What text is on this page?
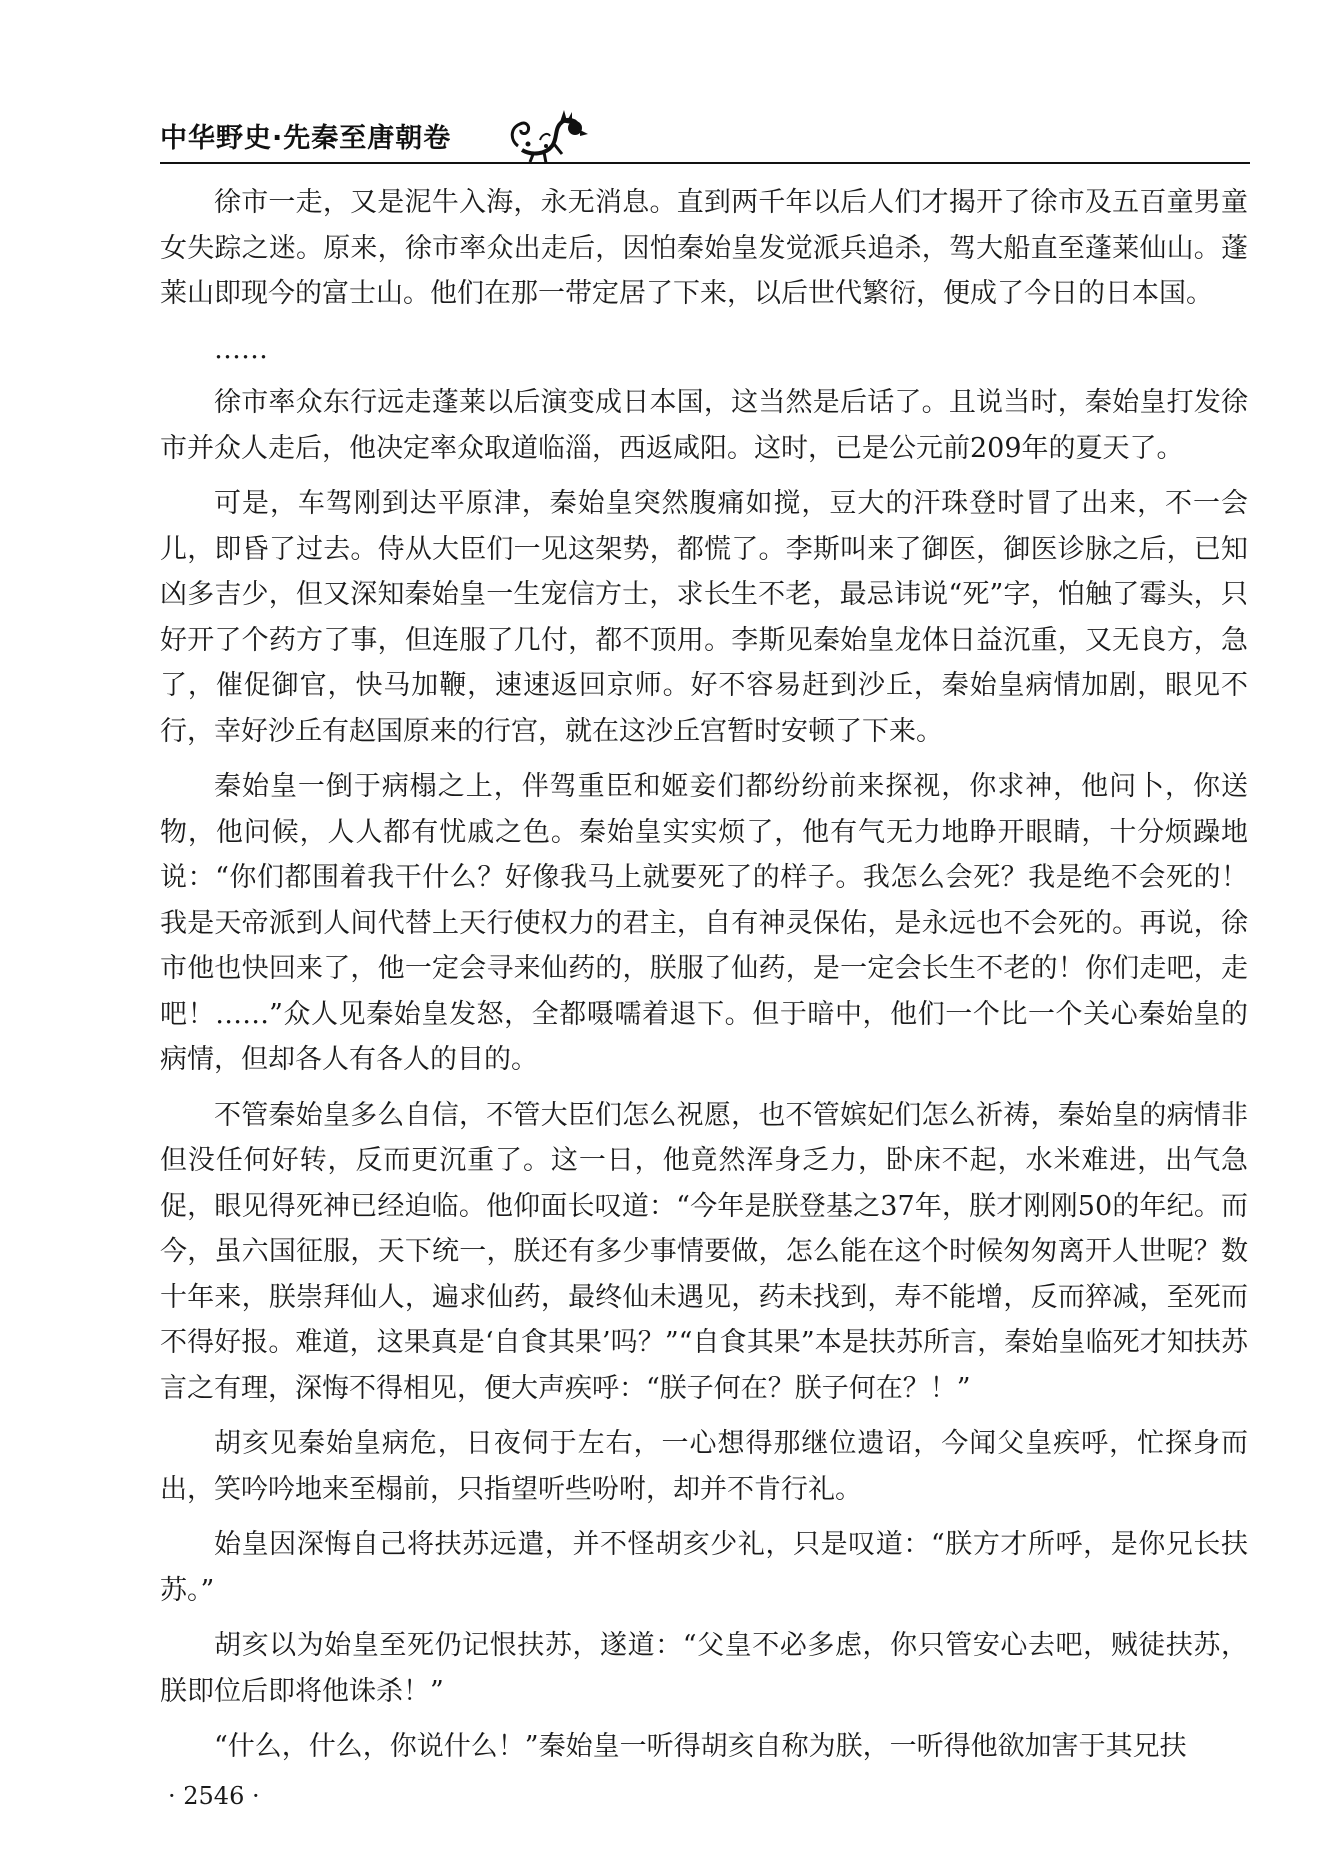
中华野史·先秦至唐朝卷

徐市一走，又是泥牛入海，永无消息。直到两千年以后人们才揭开了徐市及五百童男童女失踪之迷。原来，徐市率众出走后，因怕秦始皇发觉派兵追杀，驾大船直至蓬莱仙山。蓬莱山即现今的富士山。他们在那一带定居了下来，以后世代繁衍，便成了今日的日本国。

……

徐市率众东行远走蓬莱以后演变成日本国，这当然是后话了。且说当时，秦始皇打发徐市并众人走后，他决定率众取道临淄，西返咸阳。这时，已是公元前209年的夏天了。

可是，车驾刚到达平原津，秦始皇突然腹痛如搅，豆大的汗珠登时冒了出来，不一会儿，即昏了过去。侍从大臣们一见这架势，都慌了。李斯叫来了御医，御医诊脉之后，已知凶多吉少，但又深知秦始皇一生宠信方士，求长生不老，最忌讳说“死”字，怕触了霉头，只好开了个药方了事，但连服了几付，都不顶用。李斯见秦始皇龙体日益沉重，又无良方，急了，催促御官，快马加鞭，速速返回京师。好不容易赶到沙丘，秦始皇病情加剧，眼见不行，幸好沙丘有赵国原来的行宫，就在这沙丘宫暂时安顿了下来。

秦始皇一倒于病榻之上，伴驾重臣和姬妾们都纷纷前来探视，你求神，他问卜，你送物，他问候，人人都有忧戚之色。秦始皇实实烦了，他有气无力地睁开眼睛，十分烦躁地说：“你们都围着我干什么？好像我马上就要死了的样子。我怎么会死？我是绝不会死的！我是天帝派到人间代替上天行使权力的君主，自有神灵保佑，是永远也不会死的。再说，徐市他也快回来了，他一定会寻来仙药的，朕服了仙药，是一定会长生不老的！你们走吧，走吧！……”众人见秦始皇发怒，全都嗫嚅着退下。但于暗中，他们一个比一个关心秦始皇的病情，但却各人有各人的目的。

不管秦始皇多么自信，不管大臣们怎么祝愿，也不管嫔妃们怎么祈祷，秦始皇的病情非但没任何好转，反而更沉重了。这一日，他竟然浑身乏力，卧床不起，水米难进，出气急促，眼见得死神已经迫临。他仰面长叹道：“今年是朕登基之37年，朕才刚刚50的年纪。而今，虽六国征服，天下统一，朕还有多少事情要做，怎么能在这个时候匆匆离开人世呢？数十年来，朕崇拜仙人，遍求仙药，最终仙未遇见，药未找到，寿不能增，反而猝减，至死而不得好报。难道，这果真是‘自食其果’吗？”“自食其果”本是扶苏所言，秦始皇临死才知扶苏言之有理，深悔不得相见，便大声疾呼：“朕子何在？朕子何在？！”

胡亥见秦始皇病危，日夜伺于左右，一心想得那继位遗诏，今闻父皇疾呼，忙探身而出，笑吟吟地来至榻前，只指望听些吩咐，却并不肯行礼。

始皇因深悔自己将扶苏远遣，并不怪胡亥少礼，只是叹道：“朕方才所呼，是你兄长扶苏。”

胡亥以为始皇至死仍记恨扶苏，遂道：“父皇不必多虑，你只管安心去吧，贼徒扶苏，朕即位后即将他诛杀！”

“什么，什么，你说什么！”秦始皇一听得胡亥自称为朕，一听得他欲加害于其兄扶

· 2546 ·
